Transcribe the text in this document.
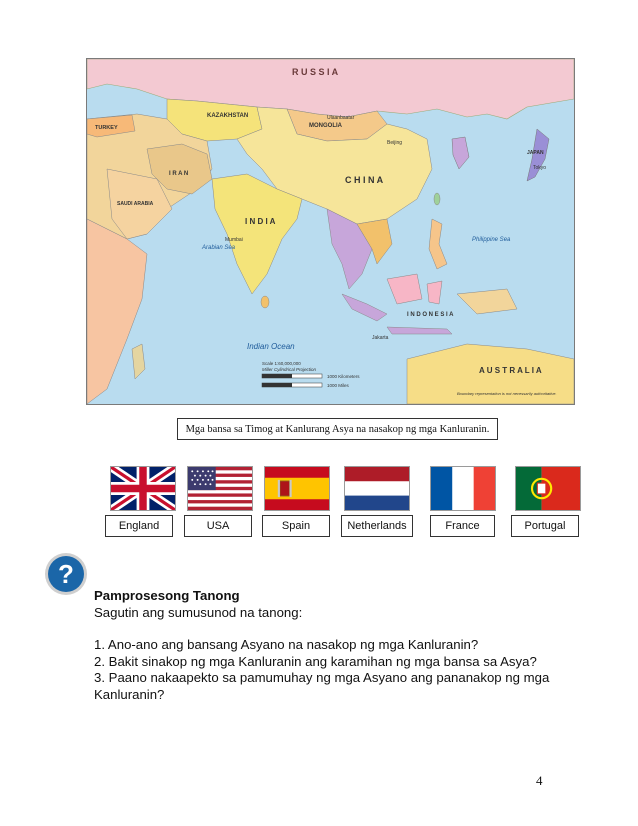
R U S S I A
KAZAKHSTAN
MONGOLIA
C H I N A
I N D I A
I R A N
TURKEY
SAUDI ARABIA
Arabian Sea
Indian Ocean
Philippine Sea
I N D O N E S I A
A U S T R A L I A
JAPAN
Mumbai
Ulaanbaatar
Beijing
Tokyo
Jakarta
Scale 1:60,000,000
Miller Cylindrical Projection
1000 Kilometers
1000 Miles
Boundary representation is not necessarily authoritative.
Mga bansa sa Timog at Kanlurang Asya na nasakop ng mga Kanluranin.
England	USA	Spain	Netherlands	France	Portugal
?
Pamprosesong Tanong
Sagutin ang sumusunod na tanong:
1. Ano-ano ang bansang Asyano na nasakop ng mga Kanluranin?
2. Bakit sinakop ng mga Kanluranin ang karamihan ng mga bansa sa Asya?
3. Paano nakaapekto sa pamumuhay ng mga Asyano ang pananakop ng mga Kanluranin?
4
